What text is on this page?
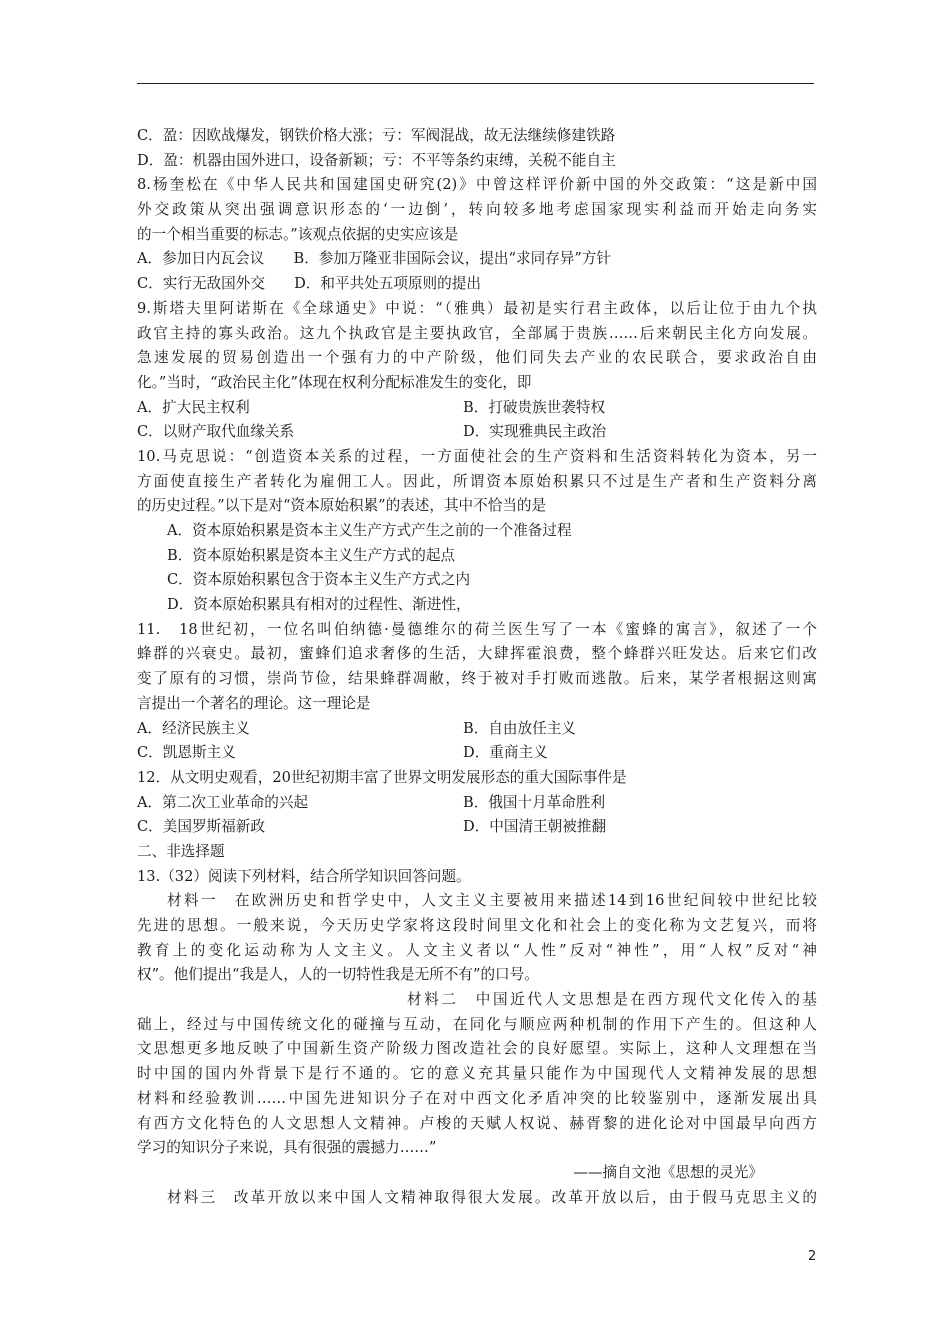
C．盈：因欧战爆发，钢铁价格大涨；亏：军阀混战，故无法继续修建铁路
D．盈：机器由国外进口，设备新颖；亏：不平等条约束缚，关税不能自主
8.杨奎松在《中华人民共和国建国史研究(2)》中曾这样评价新中国的外交政策：“这是新中国
外交政策从突出强调意识形态的‘一边倒’，转向较多地考虑国家现实利益而开始走向务实
的一个相当重要的标志。”该观点依据的史实应该是
A．参加日内瓦会议　　B．参加万隆亚非国际会议，提出“求同存异”方针
C．实行无敌国外交　　D．和平共处五项原则的提出
9.斯塔夫里阿诺斯在《全球通史》中说：“（雅典）最初是实行君主政体，以后让位于由九个执
政官主持的寡头政治。这九个执政官是主要执政官，全部属于贵族……后来朝民主化方向发展。
急速发展的贸易创造出一个强有力的中产阶级，他们同失去产业的农民联合，要求政治自由
化。”当时，“政治民主化”体现在权利分配标准发生的变化，即
A．扩大民主权利	B．打破贵族世袭特权
C．以财产取代血缘关系	D．实现雅典民主政治
10.马克思说：“创造资本关系的过程，一方面使社会的生产资料和生活资料转化为资本，另一
方面使直接生产者转化为雇佣工人。因此，所谓资本原始积累只不过是生产者和生产资料分离
的历史过程。”以下是对“资本原始积累”的表述，其中不恰当的是
A．资本原始积累是资本主义生产方式产生之前的一个准备过程
B．资本原始积累是资本主义生产方式的起点
C．资本原始积累包含于资本主义生产方式之内
D．资本原始积累具有相对的过程性、渐进性，
11.　18世纪初，一位名叫伯纳德·曼德维尔的荷兰医生写了一本《蜜蜂的寓言》，叙述了一个
蜂群的兴衰史。最初，蜜蜂们追求奢侈的生活，大肆挥霍浪费，整个蜂群兴旺发达。后来它们改
变了原有的习惯，崇尚节俭，结果蜂群凋敝，终于被对手打败而逃散。后来，某学者根据这则寓
言提出一个著名的理论。这一理论是
A．经济民族主义	B．自由放任主义
C．凯恩斯主义	D．重商主义
12．从文明史观看，20世纪初期丰富了世界文明发展形态的重大国际事件是
A．第二次工业革命的兴起	B．俄国十月革命胜利
C．美国罗斯福新政	D．中国清王朝被推翻
二、非选择题
13.（32）阅读下列材料，结合所学知识回答问题。
材料一　在欧洲历史和哲学史中，人文主义主要被用来描述14到16世纪间较中世纪比较
先进的思想。一般来说，今天历史学家将这段时间里文化和社会上的变化称为文艺复兴，而将
教育上的变化运动称为人文主义。人文主义者以“人性”反对“神性”，用“人权”反对“神
权”。他们提出“我是人，人的一切特性我是无所不有”的口号。
材料二　中国近代人文思想是在西方现代文化传入的基
础上，经过与中国传统文化的碰撞与互动，在同化与顺应两种机制的作用下产生的。但这种人
文思想更多地反映了中国新生资产阶级力图改造社会的良好愿望。实际上，这种人文理想在当
时中国的国内外背景下是行不通的。它的意义充其量只能作为中国现代人文精神发展的思想
材料和经验教训……中国先进知识分子在对中西文化矛盾冲突的比较鉴别中，逐渐发展出具
有西方文化特色的人文思想人文精神。卢梭的天赋人权说、赫胥黎的进化论对中国最早向西方
学习的知识分子来说，具有很强的震撼力……”
——摘自文池《思想的灵光》
材料三　改革开放以来中国人文精神取得很大发展。改革开放以后，由于假马克思主义的
2
